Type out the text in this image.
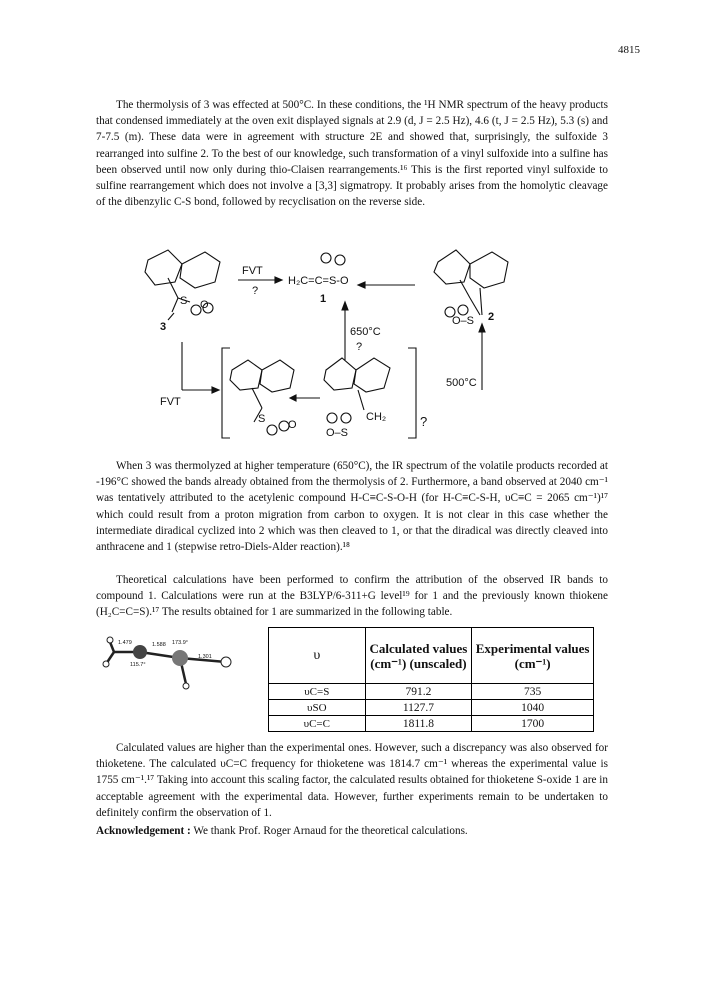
4815

The thermolysis of 3 was effected at 500°C. In these conditions, the ¹H NMR spectrum of the heavy products that condensed immediately at the oven exit displayed signals at 2.9 (d, J = 2.5 Hz), 4.6 (t, J = 2.5 Hz), 5.3 (s) and 7-7.5 (m). These data were in agreement with structure 2E and showed that, surprisingly, the sulfoxide 3 rearranged into sulfine 2. To the best of our knowledge, such transformation of a vinyl sulfoxide into a sulfine has been observed until now only during thio-Claisen rearrangements.¹⁶ This is the first reported vinyl sulfoxide to sulfine rearrangement which does not involve a [3,3] sigmatropy. It probably arises from the homolytic cleavage of the dibenzylic C-S bond, followed by recyclisation on the reverse side.

FVT
?
H₂C=C=S-O
1
2
3
S O
O–S
650°C
?
500°C
FVT
CH₂
S O
O–S
?

When 3 was thermolyzed at higher temperature (650°C), the IR spectrum of the volatile products recorded at -196°C showed the bands already obtained from the thermolysis of 2. Furthermore, a band observed at 2040 cm⁻¹ was tentatively attributed to the acetylenic compound H-C≡C-S-O-H (for H-C≡C-S-H, υC≡C = 2065 cm⁻¹)¹⁷ which could result from a proton migration from carbon to oxygen. It is not clear in this case whether the intermediate diradical cyclized into 2 which was then cleaved to 1, or that the diradical was directly cleaved into anthracene and 1 (stepwise retro-Diels-Alder reaction).¹⁸

Theoretical calculations have been performed to confirm the attribution of the observed IR bands to compound 1. Calculations were run at the B3LYP/6-311+G level¹⁹ for 1 and the previously known thiokene (H₂C=C=S).¹⁷ The results obtained for 1 are summarized in the following table.

1.479	1.588 173.9°
115.7°
1.301	υ	Calculated values (cm⁻¹) (unscaled)	Experimental values (cm⁻¹)
υC=S	791.2	735
υSO	1127.7	1040
υC=C	1811.8	1700

Calculated values are higher than the experimental ones. However, such a discrepancy was also observed for thioketene. The calculated υC=C frequency for thioketene was 1814.7 cm⁻¹ whereas the experimental value is 1755 cm⁻¹.¹⁷ Taking into account this scaling factor, the calculated results obtained for thioketene S-oxide 1 are in acceptable agreement with the experimental data. However, further experiments remain to be undertaken to definitely confirm the observation of 1.

Acknowledgement : We thank Prof. Roger Arnaud for the theoretical calculations.
